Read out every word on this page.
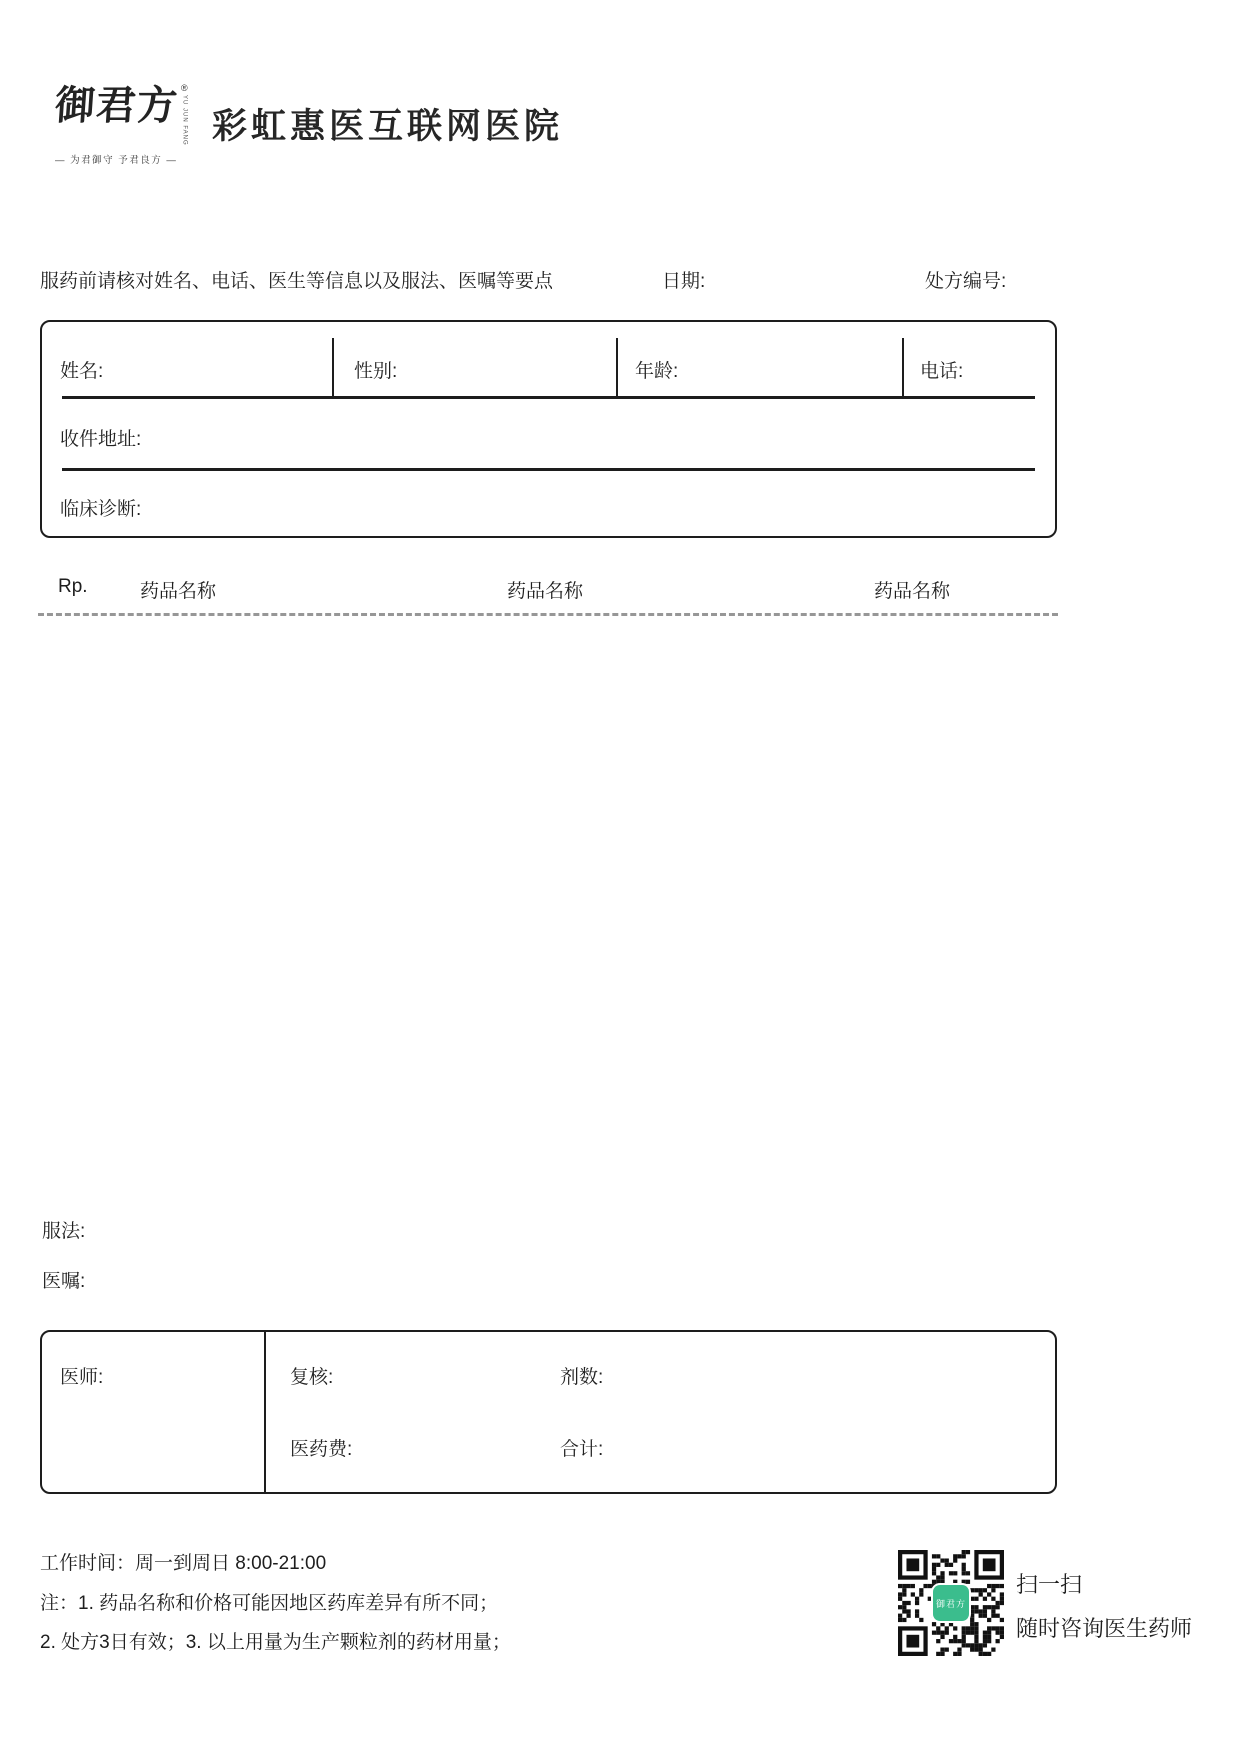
御君方 ®
YU JUN FANG
— 为君御守 予君良方 —
彩虹惠医互联网医院
服药前请核对姓名、电话、医生等信息以及服法、医嘱等要点	日期:	处方编号:
姓名:	性别:	年龄:	电话:
收件地址:
临床诊断:
Rp.	药品名称	药品名称	药品名称
服法:
医嘱:
医师:	复核:	剂数:
医药费:	合计:
工作时间：周一到周日 8:00-21:00
注：1. 药品名称和价格可能因地区药库差异有所不同；
2. 处方3日有效；3. 以上用量为生产颗粒剂的药材用量；
御君方
扫一扫
随时咨询医生药师
